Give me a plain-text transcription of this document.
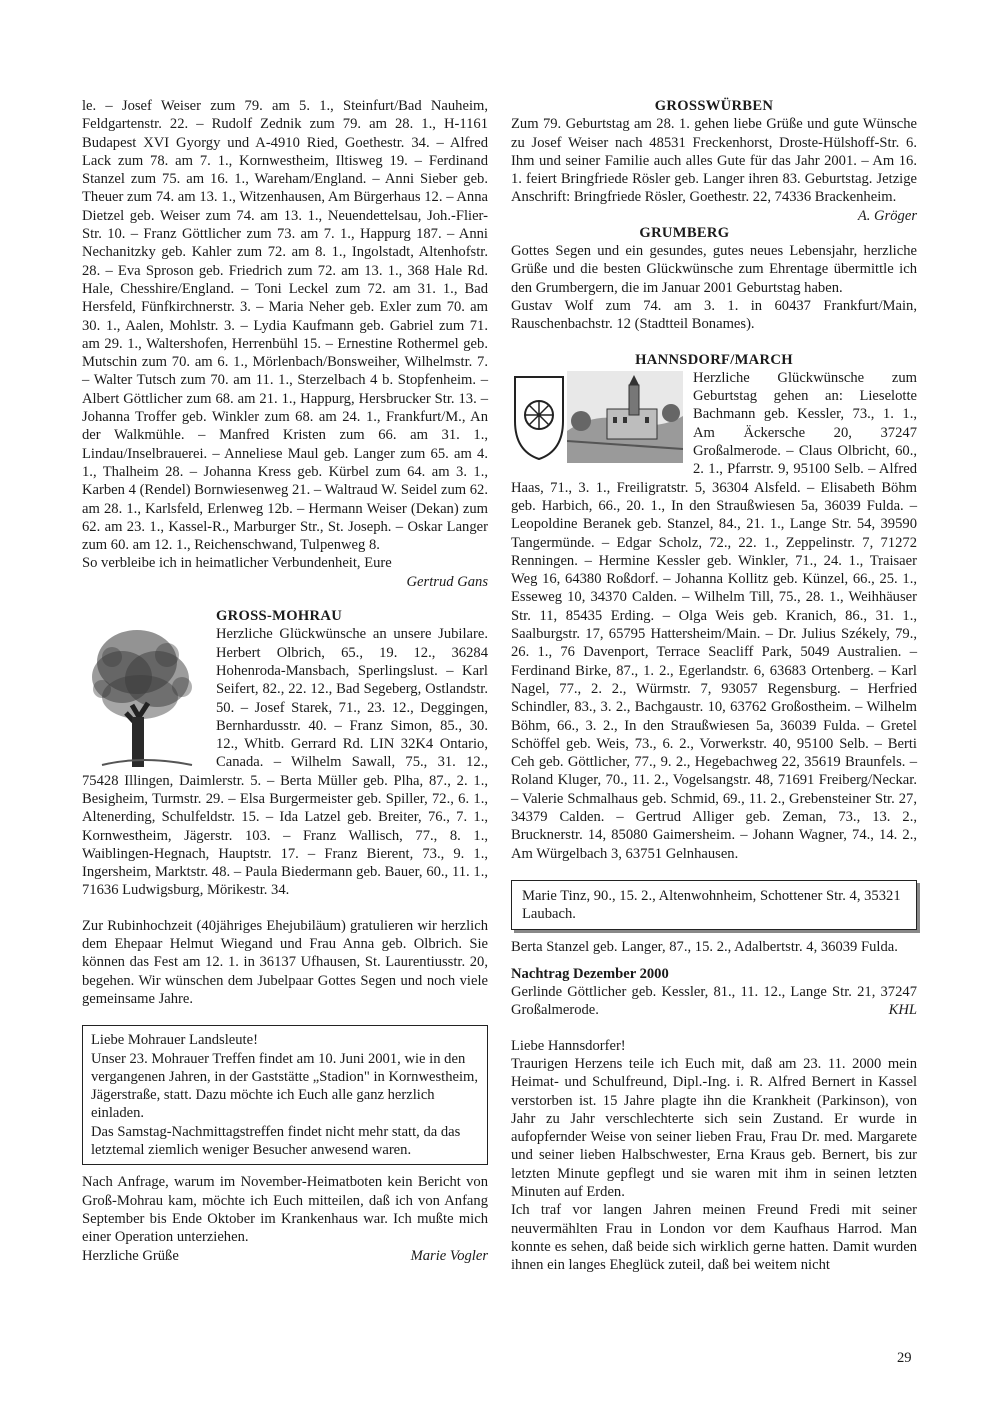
le. – Josef Weiser zum 79. am 5. 1., Steinfurt/Bad Nauheim, Feldgartenstr. 22. – Rudolf Zednik zum 79. am 28. 1., H-1161 Budapest XVI Gyorgy und A-4910 Ried, Goethestr. 34. – Alfred Lack zum 78. am 7. 1., Kornwestheim, Iltisweg 19. – Ferdinand Stanzel zum 75. am 16. 1., Wareham/England. – Anni Sieber geb. Theuer zum 74. am 13. 1., Witzenhausen, Am Bürgerhaus 12. – Anna Dietzel geb. Weiser zum 74. am 13. 1., Neuendettelsau, Joh.-Flier-Str. 10. – Franz Göttlicher zum 73. am 7. 1., Happurg 187. – Anni Nechanitzky geb. Kahler zum 72. am 8. 1., Ingolstadt, Altenhofstr. 28. – Eva Sproson geb. Friedrich zum 72. am 13. 1., 368 Hale Rd. Hale, Chesshire/England. – Toni Leckel zum 72. am 31. 1., Bad Hersfeld, Fünfkirchnerstr. 3. – Maria Neher geb. Exler zum 70. am 30. 1., Aalen, Mohlstr. 3. – Lydia Kaufmann geb. Gabriel zum 71. am 29. 1., Waltershofen, Herrenbühl 15. – Ernestine Rothermel geb. Mutschin zum 70. am 6. 1., Mörlenbach/Bonsweiher, Wilhelmstr. 7. – Walter Tutsch zum 70. am 11. 1., Sterzelbach 4 b. Stopfenheim. – Albert Göttlicher zum 68. am 21. 1., Happurg, Hersbrucker Str. 13. – Johanna Troffer geb. Winkler zum 68. am 24. 1., Frankfurt/M., An der Walkmühle. – Manfred Kristen zum 66. am 31. 1., Lindau/Inselbrauerei. – Anneliese Maul geb. Langer zum 65. am 4. 1., Thalheim 28. – Johanna Kress geb. Kürbel zum 64. am 3. 1., Karben 4 (Rendel) Bornwiesenweg 21. – Waltraud W. Seidel zum 62. am 28. 1., Karlsfeld, Erlenweg 12b. – Hermann Weiser (Dekan) zum 62. am 23. 1., Kassel-R., Marburger Str., St. Joseph. – Oskar Langer zum 60. am 12. 1., Reichenschwand, Tulpenweg 8.

So verbleibe ich in heimatlicher Verbundenheit, Eure

Gertrud Gans

GROSS-MOHRAU

Herzliche Glückwünsche an unsere Jubilare. Herbert Olbrich, 65., 19. 12., 36284 Hohenroda-Mansbach, Sperlingslust. – Karl Seifert, 82., 22. 12., Bad Segeberg, Ostlandstr. 50. – Josef Starek, 71., 23. 12., Deggingen, Bernhardusstr. 40. – Franz Simon, 85., 30. 12., Whitb. Gerrard Rd. LIN 32K4 Ontario, Canada. – Wilhelm Sawall, 75., 31. 12., 75428 Illingen, Daimlerstr. 5. – Berta Müller geb. Plha, 87., 2. 1., Besigheim, Turmstr. 29. – Elsa Burgermeister geb. Spiller, 72., 6. 1., Altenerding, Schulfeldstr. 15. – Ida Latzel geb. Breiter, 76., 7. 1., Kornwestheim, Jägerstr. 103. – Franz Wallisch, 77., 8. 1., Waiblingen-Hegnach, Hauptstr. 17. – Franz Bierent, 73., 9. 1., Ingersheim, Marktstr. 48. – Paula Biedermann geb. Bauer, 60., 11. 1., 71636 Ludwigsburg, Mörikestr. 34.

Zur Rubinhochzeit (40jähriges Ehejubiläum) gratulieren wir herzlich dem Ehepaar Helmut Wiegand und Frau Anna geb. Olbrich. Sie können das Fest am 12. 1. in 36137 Ufhausen, St. Laurentiusstr. 20, begehen. Wir wünschen dem Jubelpaar Gottes Segen und noch viele gemeinsame Jahre.

Liebe Mohrauer Landsleute!

Unser 23. Mohrauer Treffen findet am 10. Juni 2001, wie in den vergangenen Jahren, in der Gaststätte „Stadion" in Kornwestheim, Jägerstraße, statt. Dazu möchte ich Euch alle ganz herzlich einladen.

Das Samstag-Nachmittagstreffen findet nicht mehr statt, da das letztemal ziemlich weniger Besucher anwesend waren.

Nach Anfrage, warum im November-Heimatboten kein Bericht von Groß-Mohrau kam, möchte ich Euch mitteilen, daß ich von Anfang September bis Ende Oktober im Krankenhaus war. Ich mußte mich einer Operation unterziehen.

Herzliche Grüße	Marie Vogler

GROSSWÜRBEN

Zum 79. Geburtstag am 28. 1. gehen liebe Grüße und gute Wünsche zu Josef Weiser nach 48531 Freckenhorst, Droste-Hülshoff-Str. 6. Ihm und seiner Familie auch alles Gute für das Jahr 2001. – Am 16. 1. feiert Bringfriede Rösler geb. Langer ihren 83. Geburtstag. Jetzige Anschrift: Bringfriede Rösler, Goethestr. 22, 74336 Brackenheim.
A. Gröger

GRUMBERG

Gottes Segen und ein gesundes, gutes neues Lebensjahr, herzliche Grüße und die besten Glückwünsche zum Ehrentage übermittle ich den Grumbergern, die im Januar 2001 Geburtstag haben.

Gustav Wolf zum 74. am 3. 1. in 60437 Frankfurt/Main, Rauschenbachstr. 12 (Stadtteil Bonames).

HANNSDORF/MARCH

Herzliche Glückwünsche zum Geburtstag gehen an: Lieselotte Bachmann geb. Kessler, 73., 1. 1., Am Äckersche 20, 37247 Großalmerode. – Claus Olbricht, 60., 2. 1., Pfarrstr. 9, 95100 Selb. – Alfred Haas, 71., 3. 1., Freiligratstr. 5, 36304 Alsfeld. – Elisabeth Böhm geb. Harbich, 66., 20. 1., In den Straußwiesen 5a, 36039 Fulda. – Leopoldine Beranek geb. Stanzel, 84., 21. 1., Lange Str. 54, 39590 Tangermünde. – Edgar Scholz, 72., 22. 1., Zeppelinstr. 7, 71272 Renningen. – Hermine Kessler geb. Winkler, 71., 24. 1., Traisaer Weg 16, 64380 Roßdorf. – Johanna Kollitz geb. Künzel, 66., 25. 1., Esseweg 10, 34370 Calden. – Wilhelm Till, 75., 28. 1., Weihhäuser Str. 11, 85435 Erding. – Olga Weis geb. Kranich, 86., 31. 1., Saalburgstr. 17, 65795 Hattersheim/Main. – Dr. Julius Székely, 79., 26. 1., 76 Davenport, Terrace Seacliff Park, 5049 Australien. – Ferdinand Birke, 87., 1. 2., Egerlandstr. 6, 63683 Ortenberg. – Karl Nagel, 77., 2. 2., Würmstr. 7, 93057 Regensburg. – Herfried Schindler, 83., 3. 2., Bachgaustr. 10, 63762 Großostheim. – Wilhelm Böhm, 66., 3. 2., In den Straußwiesen 5a, 36039 Fulda. – Gretel Schöffel geb. Weis, 73., 6. 2., Vorwerkstr. 40, 95100 Selb. – Berti Ceh geb. Göttlicher, 77., 9. 2., Hegebachweg 22, 35619 Braunfels. – Roland Kluger, 70., 11. 2., Vogelsangstr. 48, 71691 Freiberg/Neckar. – Valerie Schmalhaus geb. Schmid, 69., 11. 2., Grebensteiner Str. 27, 34379 Calden. – Gertrud Alliger geb. Zeman, 73., 13. 2., Brucknerstr. 14, 85080 Gaimersheim. – Johann Wagner, 74., 14. 2., Am Würgelbach 3, 63751 Gelnhausen.

Marie Tinz, 90., 15. 2., Altenwohnheim, Schottener Str. 4, 35321 Laubach.

Berta Stanzel geb. Langer, 87., 15. 2., Adalbertstr. 4, 36039 Fulda.

Nachtrag Dezember 2000

Gerlinde Göttlicher geb. Kessler, 81., 11. 12., Lange Str. 21, 37247 Großalmerode.	KHL

Liebe Hannsdorfer!

Traurigen Herzens teile ich Euch mit, daß am 23. 11. 2000 mein Heimat- und Schulfreund, Dipl.-Ing. i. R. Alfred Bernert in Kassel verstorben ist. 15 Jahre plagte ihn die Krankheit (Parkinson), von Jahr zu Jahr verschlechterte sich sein Zustand. Er wurde in aufopfernder Weise von seiner lieben Frau, Frau Dr. med. Margarete und seiner lieben Halbschwester, Erna Kraus geb. Bernert, bis zur letzten Minute gepflegt und sie waren mit ihm in seinen letzten Minuten auf Erden.

Ich traf vor langen Jahren meinen Freund Fredi mit seiner neuvermählten Frau in London vor dem Kaufhaus Harrod. Man konnte es sehen, daß beide sich wirklich gerne hatten. Damit wurden ihnen ein langes Eheglück zuteil, daß bei weitem nicht

29
